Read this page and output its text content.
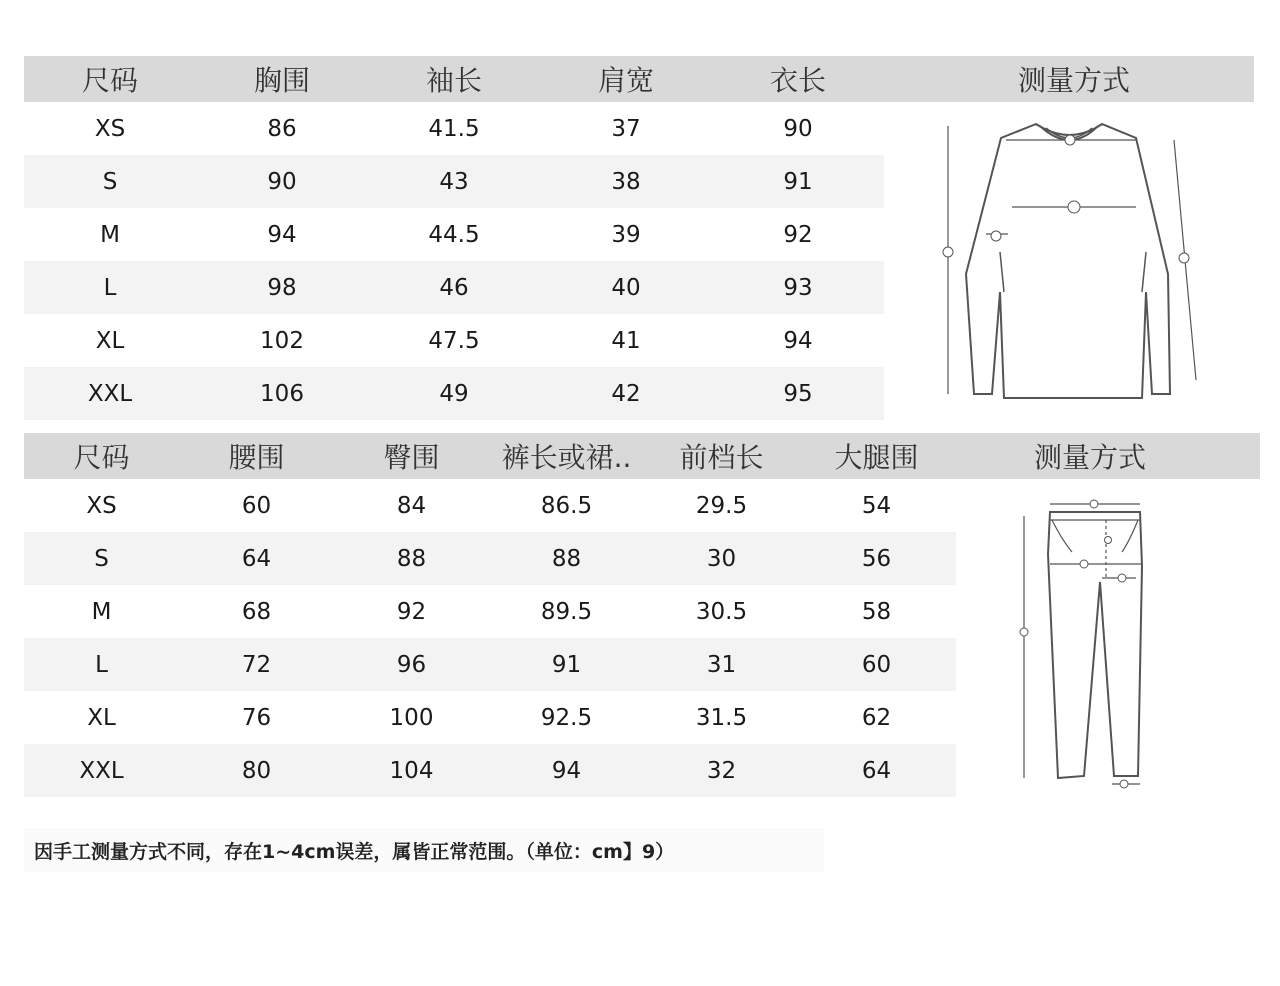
尺码	胸围	袖长	肩宽	衣长	测量方式
XS	86	41.5	37	90
S	90	43	38	91
M	94	44.5	39	92
L	98	46	40	93
XL	102	47.5	41	94
XXL	106	49	42	95
尺码	腰围	臀围	裤长或裙..	前档长	大腿围	测量方式
XS	60	84	86.5	29.5	54
S	64	88	88	30	56
M	68	92	89.5	30.5	58
L	72	96	91	31	60
XL	76	100	92.5	31.5	62
XXL	80	104	94	32	64
因手工测量方式不同，存在1~4cm误差，属皆正常范围。（单位：cm】9）
